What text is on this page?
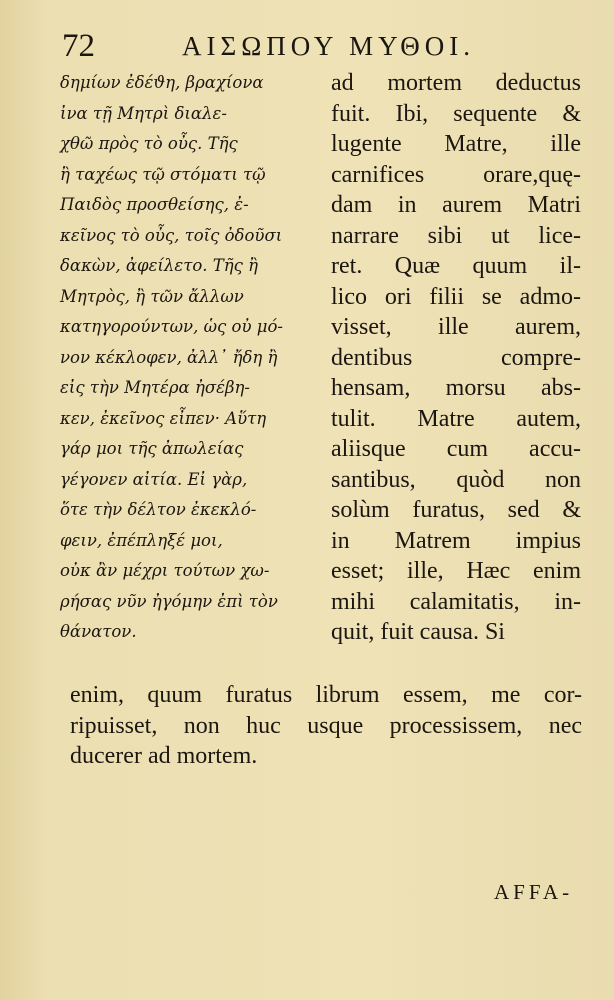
72	ΑΙΣΩΠΟΥ ΜΥΘΟΙ.
δημίων ἐδέϑη, βραχίονα
ἰνα τῇ Μητρὶ διαλε-
χθῶ πρὸς τὸ οὖς. Τῆς
ἢ ταχέως τῷ στόματι τῷ
Παιδὸς προσθείσης, ἐ-
κεῖνος τὸ οὖς, τοῖς ὀδοῦσι
δακὼν, ἀφείλετο. Τῆς ἢ
Μητρὸς, ἢ τῶν ἄλλων
κατηγορούντων, ὡς οὐ μό-
νον κέκλοφεν, ἀλλ᾽ ἤδη ἢ
εἰς τὴν Μητέρα ἠσέβη-
κεν, ἐκεῖνος εἶπεν· Αὕτη
γάρ μοι τῆς ἀπωλείας
γέγονεν αἰτία. Εἰ γὰρ,
ὅτε τὴν δέλτον ἐκεκλό-
φειν, ἐπέπληξέ μοι,
οὐκ ἂν μέχρι τούτων χω-
ρήσας νῦν ἠγόμην ἐπὶ τὸν
θάνατον.
ad mortem deductus
fuit. Ibi, sequente &
lugente Matre, ille
carnifices orare,quę-
dam in aurem Matri
narrare sibi ut lice-
ret. Quæ quum il-
lico ori filii se admo-
visset, ille aurem,
dentibus compre-
hensam, morsu abs-
tulit. Matre autem,
aliisque cum accu-
santibus, quòd non
solùm furatus, sed &
in Matrem impius
esset; ille, Hæc enim
mihi calamitatis, in-
quit, fuit causa. Si
enim, quum furatus librum essem, me cor-
ripuisset, non huc usque processissem, nec
ducerer ad mortem.
AFFA-
